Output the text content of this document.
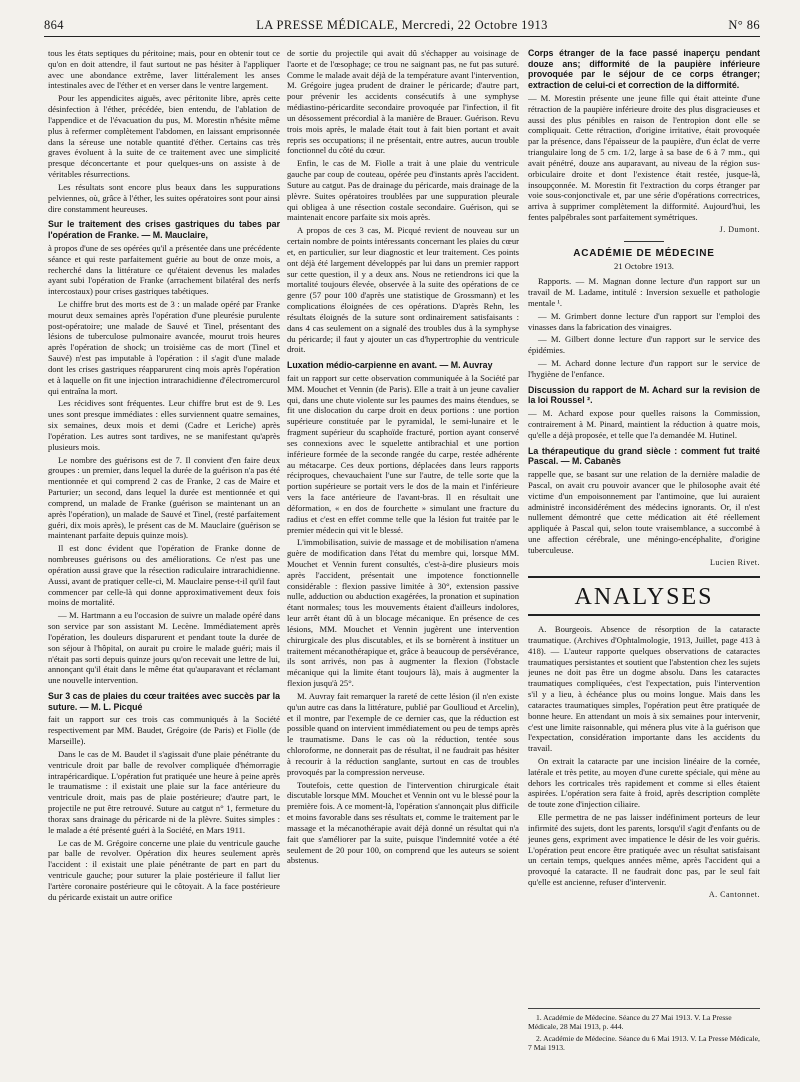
864	LA PRESSE MÉDICALE, Mercredi, 22 Octobre 1913	N° 86

tous les états septiques du péritoine; mais, pour en obtenir tout ce qu'on en doit attendre, il faut surtout ne pas hésiter à l'appliquer avec une abondance extrême, laver littéralement les anses intestinales avec de l'éther et en verser dans le ventre largement.

Pour les appendicites aiguës, avec péritonite libre, après cette désinfection à l'éther, précédée, bien entendu, de l'ablation de l'appendice et de l'évacuation du pus, M. Morestin n'hésite même plus à refermer complètement l'abdomen, en laissant emprisonnée dans la séreuse une notable quantité d'éther. Certains cas très graves évoluent à la suite de ce traitement avec une simplicité presque déconcertante et pour quelques-uns on assiste à de véritables résurrections.

Les résultats sont encore plus beaux dans les suppurations pelviennes, où, grâce à l'éther, les suites opératoires sont pour ainsi dire constamment heureuses.

Sur le traitement des crises gastriques du tabes par l'opération de Franke. — M. Mauclaire,

à propos d'une de ses opérées qu'il a présentée dans une précédente séance et qui reste parfaitement guérie au bout de onze mois, a recherché dans la littérature ce qu'étaient devenus les malades ayant subi l'opération de Franke (arrachement bilatéral des nerfs intercostaux) pour crises gastriques tabétiques.

Le chiffre brut des morts est de 3 : un malade opéré par Franke mourut deux semaines après l'opération d'une pleurésie purulente post-opératoire; une malade de Sauvé et Tinel, présentant des lésions de tuberculose pulmonaire avancée, mourut trois heures après l'opération de shock; un troisième cas de mort (Tinel et Sauvé) n'est pas imputable à l'opération : il s'agit d'une malade dont les crises gastriques réapparurent cinq mois après l'opération et à laquelle on fit une injection intrarachidienne d'électromercurol qui entraîna la mort.

Les récidives sont fréquentes. Leur chiffre brut est de 9. Les unes sont presque immédiates : elles surviennent quatre semaines, six semaines, deux mois et demi (Cadre et Leriche) après l'opération. Les autres sont tardives, ne se manifestant qu'après plusieurs mois.

Le nombre des guérisons est de 7. Il convient d'en faire deux groupes : un premier, dans lequel la durée de la guérison n'a pas été mentionnée et qui comprend 2 cas de Franke, 2 cas de Maire et Parturier; un second, dans lequel la durée est mentionnée et qui comprend, un malade de Franke (guérison se maintenant un an après l'opération), un malade de Sauvé et Tinel, (resté parfaitement guéri, dix mois après), le présent cas de M. Mauclaire (guérison se maintenant parfaite depuis quinze mois).

Il est donc évident que l'opération de Franke donne de nombreuses guérisons ou des améliorations. Ce n'est pas une opération aussi grave que la résection radiculaire intrarachidienne. Aussi, avant de pratiquer celle-ci, M. Mauclaire pense-t-il qu'il faut commencer par celle-là qui donne approximativement deux fois moins de mortalité.

— M. Hartmann a eu l'occasion de suivre un malade opéré dans son service par son assistant M. Lecène. Immédiatement après l'opération, les douleurs disparurent et pendant toute la durée de son séjour à l'hôpital, on aurait pu croire le malade guéri; mais il n'était pas sorti depuis quinze jours qu'on recevait une lettre de lui, annonçant qu'il était dans le même état qu'auparavant et réclamant une nouvelle intervention.

Sur 3 cas de plaies du cœur traitées avec succès par la suture. — M. L. Picqué

fait un rapport sur ces trois cas communiqués à la Société respectivement par MM. Baudet, Grégoire (de Paris) et Fiolle (de Marseille).

Dans le cas de M. Baudet il s'agissait d'une plaie pénétrante du ventricule droit par balle de revolver compliquée d'hémorragie intrapéricardique. L'opération fut pratiquée une heure à peine après le traumatisme : il existait une plaie sur la face antérieure du ventricule droit, mais pas de plaie postérieure; d'autre part, le projectile ne put être retrouvé. Suture au catgut n° 1, fermeture du thorax sans drainage du péricarde ni de la plèvre. Suites simples : le malade a été présenté guéri à la Société, en Mars 1911.

Le cas de M. Grégoire concerne une plaie du ventricule gauche par balle de revolver. Opération dix heures seulement après l'accident : il existait une plaie pénétrante de part en part du ventricule gauche; pour suturer la plaie postérieure il fallut lier l'artère coronaire postérieure qui le côtoyait. A la face postérieure du péricarde existait un autre orifice

de sortie du projectile qui avait dû s'échapper au voisinage de l'aorte et de l'œsophage; ce trou ne saignant pas, ne fut pas suturé. Comme le malade avait déjà de la température avant l'intervention, M. Grégoire jugea prudent de drainer le péricarde; d'autre part, pour prévenir les accidents consécutifs à une symphyse médiastino-péricardite secondaire provoquée par l'infection, il fit un désossement précordial à la manière de Brauer. Guérison. Revu trois mois après, le malade était tout à fait bien portant et avait repris ses occupations; il ne présentait, entre autres, aucun trouble fonctionnel du côté du cœur.

Enfin, le cas de M. Fiolle a trait à une plaie du ventricule gauche par coup de couteau, opérée peu d'instants après l'accident. Suture au catgut. Pas de drainage du péricarde, mais drainage de la plèvre. Suites opératoires troublées par une suppuration pleurale qui obligea à une résection costale secondaire. Guérison, qui se maintenait encore parfaite six mois après.

A propos de ces 3 cas, M. Picqué revient de nouveau sur un certain nombre de points intéressants concernant les plaies du cœur et, en particulier, sur leur diagnostic et leur traitement. Ces points ont déjà été largement développés par lui dans un premier rapport sur cette question, il y a deux ans. Nous ne retiendrons ici que la mortalité toujours élevée, observée à la suite des opérations de ce genre (57 pour 100 d'après une statistique de Grossmann) et les complications éloignées de ces opérations. D'après Rehn, les résultats éloignés de la suture sont ordinairement satisfaisants : dans 4 cas seulement on a signalé des troubles dus à la symphyse du péricarde; il faut y ajouter un cas d'hypertrophie du ventricule droit.

Luxation médio-carpienne en avant. — M. Auvray

fait un rapport sur cette observation communiquée à la Société par MM. Mouchet et Vennin (de Paris). Elle a trait à un jeune cavalier qui, dans une chute violente sur les paumes des mains étendues, se fit une dislocation du carpe droit en deux portions : une portion supérieure constituée par le pyramidal, le semi-lunaire et le fragment supérieur du scaphoïde fracturé, portion ayant conservé ses connexions avec le squelette antibrachial et une portion inférieure formée de la seconde rangée du carpe, restée adhérente au métacarpe. Ces deux portions, déplacées dans leurs rapports réciproques, chevauchaient l'une sur l'autre, de telle sorte que la portion supérieure se portait vers le dos de la main et l'inférieure vers la face antérieure de l'avant-bras. Il en résultait une déformation, « en dos de fourchette » simulant une fracture du radius et c'est en effet comme telle que la lésion fut traitée par le premier médecin qui vit le blessé.

L'immobilisation, suivie de massage et de mobilisation n'amena guère de modification dans l'état du membre qui, lorsque MM. Mouchet et Vennin furent consultés, c'est-à-dire plusieurs mois après l'accident, présentait une impotence fonctionnelle considérable : flexion passive limitée à 30°, extension passive nulle, adduction ou abduction exagérées, la pronation et supination étant normales; tous les mouvements étaient d'ailleurs indolores, leur arrêt étant dû à un blocage mécanique. En présence de ces lésions, MM. Mouchet et Vennin jugèrent une intervention chirurgicale des plus discutables, et ils se bornèrent à instituer un traitement mécanothérapique et, grâce à beaucoup de persévérance, ils sont arrivés, non pas à augmenter la flexion (l'obstacle mécanique qui la limite étant toujours là), mais à augmenter la flexion jusqu'à 25°.

M. Auvray fait remarquer la rareté de cette lésion (il n'en existe qu'un autre cas dans la littérature, publié par Goullioud et Arcelin), et il montre, par l'exemple de ce dernier cas, que la réduction est possible quand on intervient immédiatement ou peu de temps après le traumatisme. Dans le cas où la réduction, tentée sous chloroforme, ne donnerait pas de résultat, il ne faudrait pas hésiter à recourir à la réduction sanglante, surtout en cas de troubles provoqués par la compression nerveuse.

Toutefois, cette question de l'intervention chirurgicale était discutable lorsque MM. Mouchet et Vennin ont vu le blessé pour la première fois. A ce moment-là, l'opération s'annonçait plus difficile et moins favorable dans ses résultats et, comme le traitement par le massage et la mécanothérapie avait déjà donné un résultat qui n'a fait que s'améliorer par la suite, puisque l'indemnité votée a été seulement de 20 pour 100, on comprend que les auteurs se soient abstenus.

Corps étranger de la face passé inaperçu pendant douze ans; difformité de la paupière inférieure provoquée par le séjour de ce corps étranger; extraction de celui-ci et correction de la difformité.

— M. Morestin présente une jeune fille qui était atteinte d'une rétraction de la paupière inférieure droite des plus disgracieuses et aussi des plus pénibles en raison de l'entropion dont elle se compliquait. Cette rétraction, d'origine irritative, était provoquée par la présence, dans l'épaisseur de la paupière, d'un éclat de verre triangulaire long de 5 cm. 1/2, large à sa base de 6 à 7 mm., qui avait pénétré, douze ans auparavant, au niveau de la région sus-orbiculaire droite et dont l'existence était restée, jusque-là, insoupçonnée. M. Morestin fit l'extraction du corps étranger par voie sous-conjonctivale et, par une série d'opérations correctrices, arriva à supprimer complètement la difformité. Aujourd'hui, les fentes palpébrales sont parfaitement symétriques.

J. Dumont.
ACADÉMIE DE MÉDECINE
21 Octobre 1913.

Rapports. — M. Magnan donne lecture d'un rapport sur un travail de M. Ladame, intitulé : Inversion sexuelle et pathologie mentale ¹.

— M. Grimbert donne lecture d'un rapport sur l'emploi des vinasses dans la fabrication des vinaigres.

— M. Gilbert donne lecture d'un rapport sur le service des épidémies.

— M. Achard donne lecture d'un rapport sur le service de l'hygiène de l'enfance.

Discussion du rapport de M. Achard sur la revision de la loi Roussel ².

— M. Achard expose pour quelles raisons la Commission, contrairement à M. Pinard, maintient la réduction à quatre mois, qu'elle a déjà proposée, et telle que l'a demandée M. Hutinel.

La thérapeutique du grand siècle : comment fut traité Pascal. — M. Cabanès

rappelle que, se basant sur une relation de la dernière maladie de Pascal, on avait cru pouvoir avancer que le philosophe avait été victime d'un empoisonnement par l'antimoine, que lui auraient administré inconsidérément des médecins ignorants. Or, il n'est nullement démontré que cette médication ait été réellement appliquée à Pascal qui, selon toute vraisemblance, a succombé à une affection cérébrale, une méningo-encéphalite, d'origine tuberculeuse.

Lucien Rivet.
ANALYSES

A. Bourgeois. Absence de résorption de la cataracte traumatique. (Archives d'Ophtalmologie, 1913, Juillet, page 413 à 418). — L'auteur rapporte quelques observations de cataractes traumatiques persistantes et soutient que l'abstention chez les sujets jeunes ne doit pas être un dogme absolu. Dans les cataractes traumatiques compliquées, c'est l'expectation, puis l'intervention s'il y a lieu, à échéance plus ou moins longue. Mais dans les cataractes traumatiques simples, l'opération peut être pratiquée de bonne heure. En attendant un mois à six semaines pour intervenir, c'est une limite raisonnable, qui ménera plus vite à la guérison que l'expectation, considération importante dans les accidents du travail.

On extrait la cataracte par une incision linéaire de la cornée, latérale et très petite, au moyen d'une curette spéciale, qui mène au dehors les cortricales très rapidement et comme si elles étaient aspirées. L'opération sera faite à froid, après description complète de toute zone d'injection ciliaire.

Elle permettra de ne pas laisser indéfiniment porteurs de leur infirmité des sujets, dont les parents, lorsqu'il s'agit d'enfants ou de jeunes gens, expriment avec impatience le désir de les voir guéris. L'opération peut encore être pratiquée avec un résultat satisfaisant un certain temps, quelques années même, après l'accident qui a provoqué la cataracte. Il ne faudrait donc pas, par le seul fait qu'elle est ancienne, refuser d'intervenir.

A. Cantonnet.

1. Académie de Médecine. Séance du 27 Mai 1913. V. La Presse Médicale, 28 Mai 1913, p. 444.

2. Académie de Médecine. Séance du 6 Mai 1913. V. La Presse Médicale, 7 Mai 1913.
